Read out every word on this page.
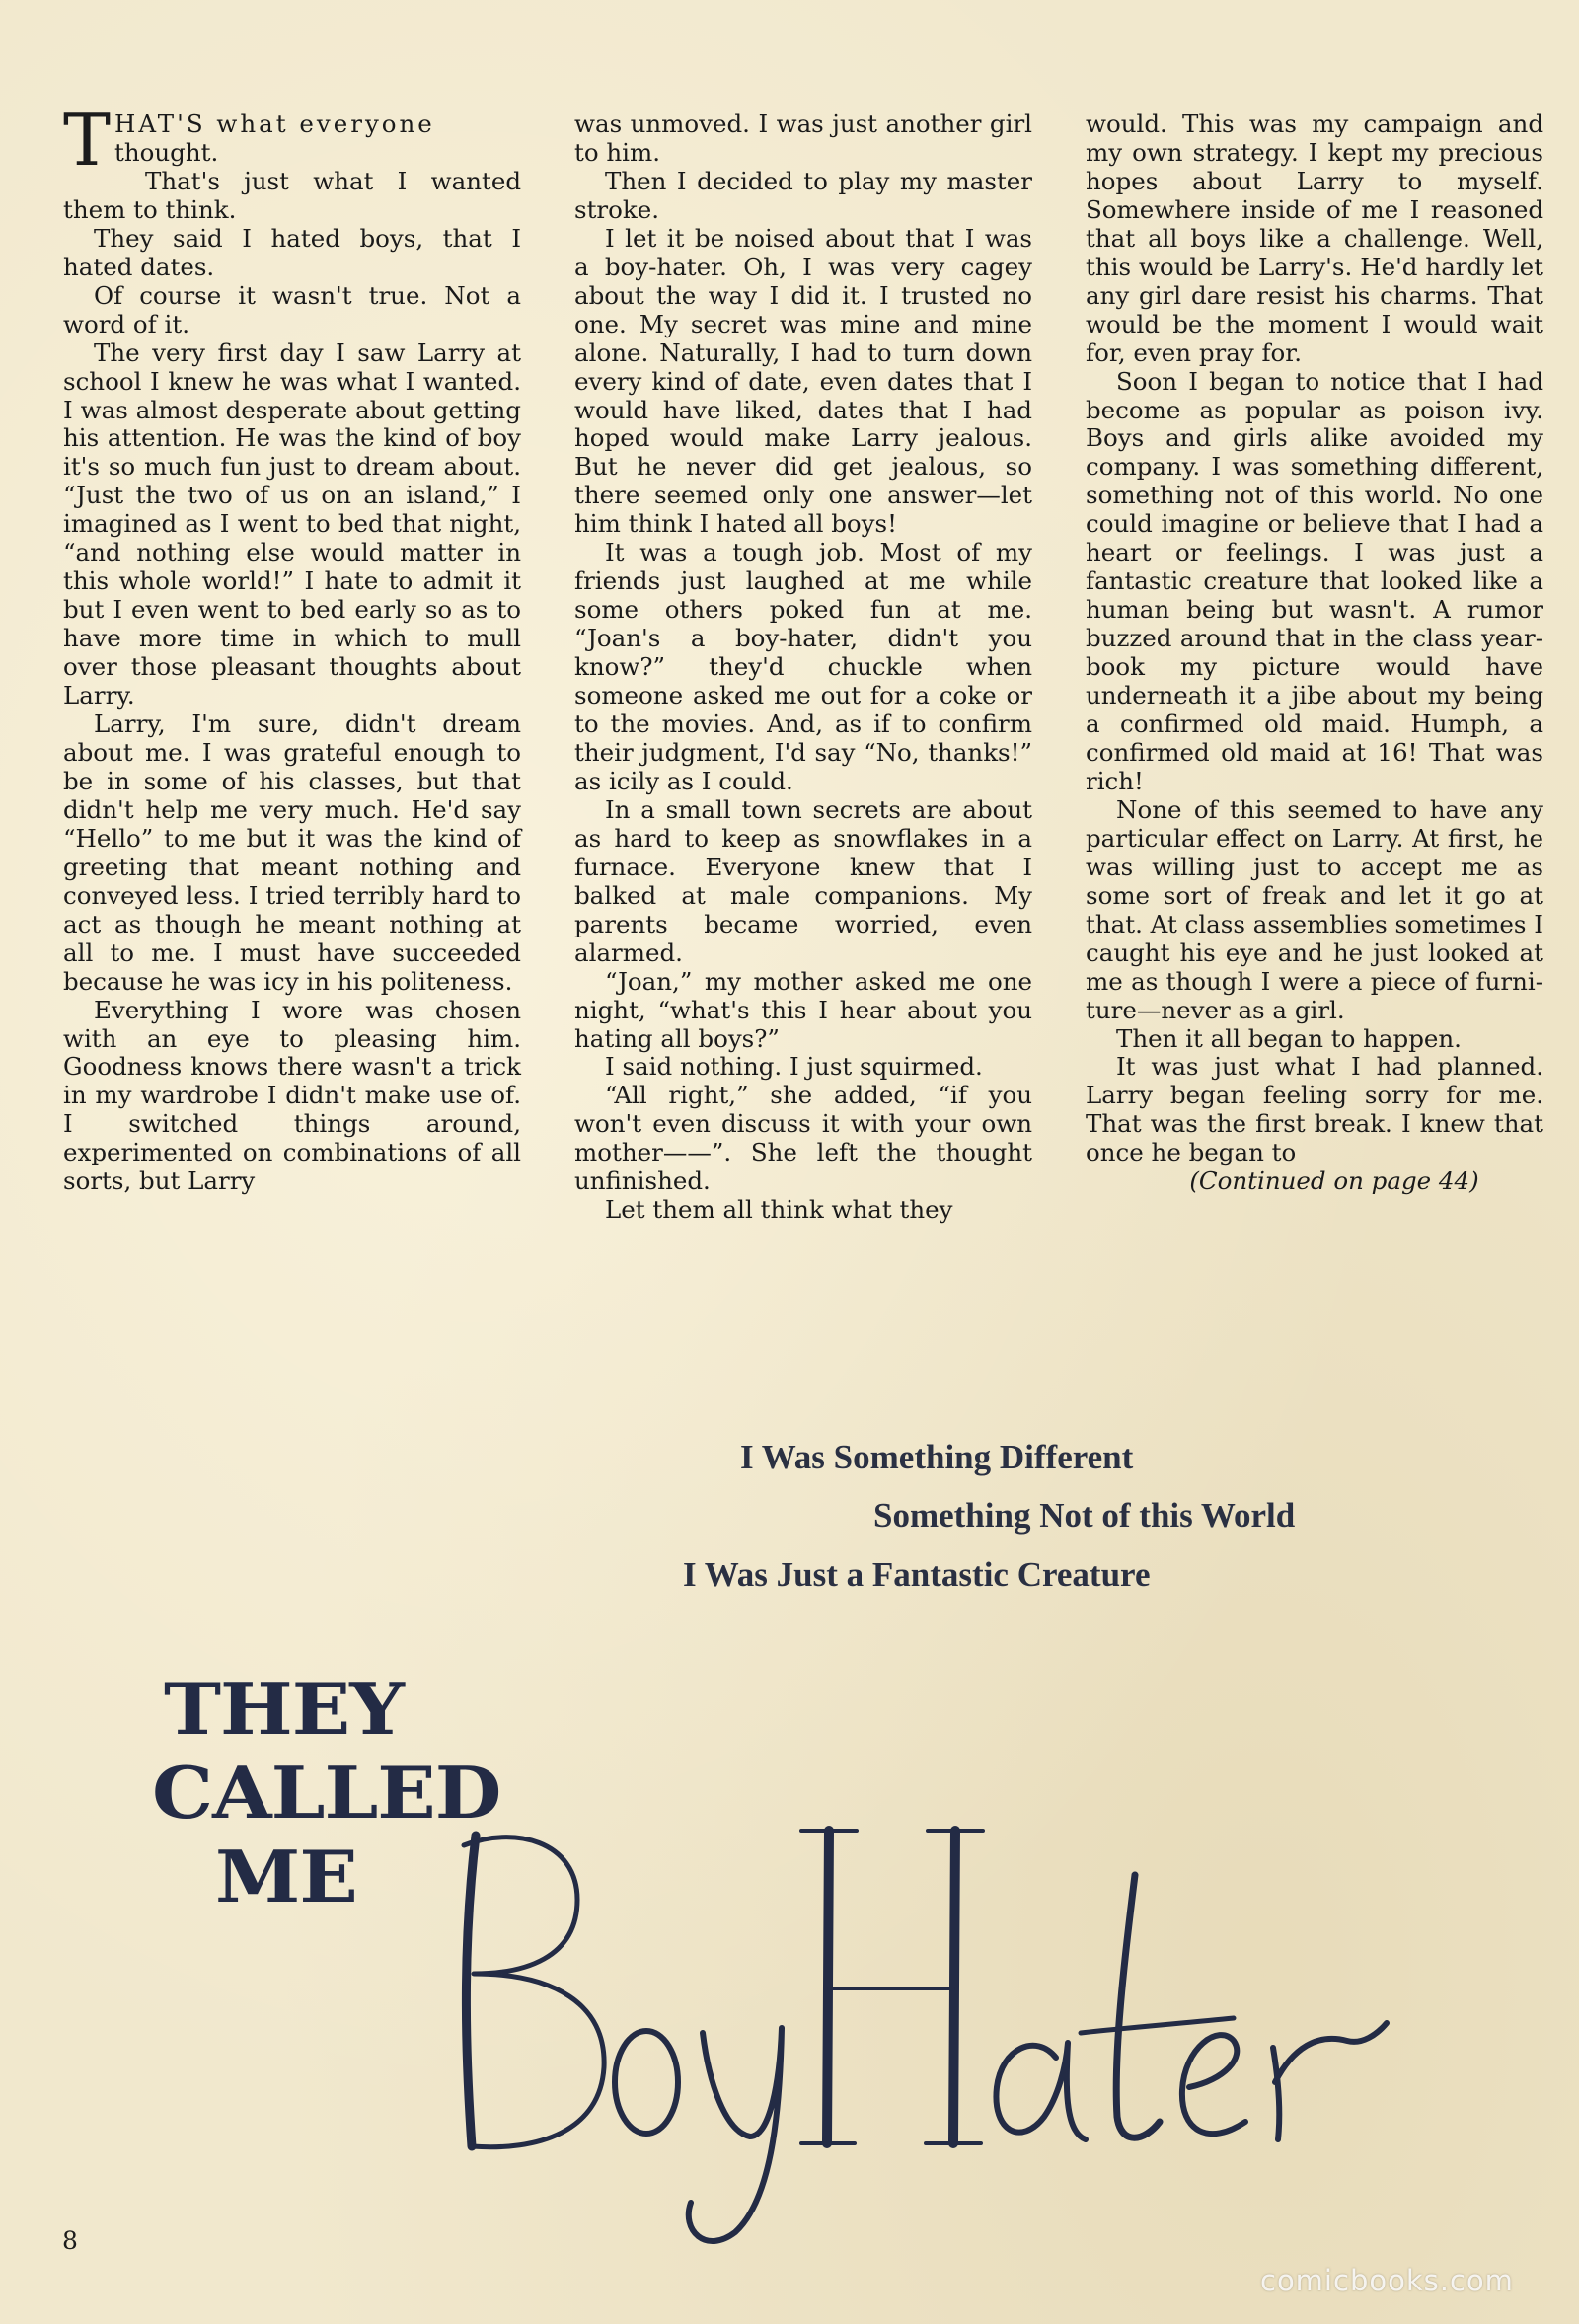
THAT'S what everyone
thought.

That's just what I wanted them to think.

They said I hated boys, that I hated dates.

Of course it wasn't true. Not a word of it.

The very first day I saw Larry at school I knew he was what I wanted. I was almost desperate about getting his attention. He was the kind of boy it's so much fun just to dream about. “Just the two of us on an island,” I imagined as I went to bed that night, “and nothing else would matter in this whole world!” I hate to admit it but I even went to bed early so as to have more time in which to mull over those pleasant thoughts about Larry.

Larry, I'm sure, didn't dream about me. I was grateful enough to be in some of his classes, but that didn't help me very much. He'd say “Hello” to me but it was the kind of greeting that meant nothing and conveyed less. I tried terribly hard to act as though he meant nothing at all to me. I must have succeeded because he was icy in his politeness.

Everything I wore was chosen with an eye to pleasing him. Goodness knows there wasn't a trick in my wardrobe I didn't make use of. I switched things around, experimented on combinations of all sorts, but Larry

was unmoved. I was just another girl to him.

Then I decided to play my master stroke.

I let it be noised about that I was a boy-hater. Oh, I was very cagey about the way I did it. I trusted no one. My secret was mine and mine alone. Naturally, I had to turn down every kind of date, even dates that I would have liked, dates that I had hoped would make Larry jealous. But he never did get jealous, so there seemed only one answer—let him think I hated all boys!

It was a tough job. Most of my friends just laughed at me while some others poked fun at me. “Joan's a boy-hater, didn't you know?” they'd chuckle when someone asked me out for a coke or to the movies. And, as if to confirm their judgment, I'd say “No, thanks!” as icily as I could.

In a small town secrets are about as hard to keep as snowflakes in a furnace. Everyone knew that I balked at male companions. My parents became worried, even alarmed.

“Joan,” my mother asked me one night, “what's this I hear about you hating all boys?”

I said nothing. I just squirmed.

“All right,” she added, “if you won't even discuss it with your own mother——”. She left the thought unfinished.

Let them all think what they

would. This was my campaign and my own strategy. I kept my precious hopes about Larry to myself. Somewhere inside of me I reasoned that all boys like a challenge. Well, this would be Larry's. He'd hardly let any girl dare resist his charms. That would be the moment I would wait for, even pray for.

Soon I began to notice that I had become as popular as poison ivy. Boys and girls alike avoided my company. I was something different, something not of this world. No one could imagine or believe that I had a heart or feelings. I was just a fantastic creature that looked like a human being but wasn't. A rumor buzzed around that in the class year-book my picture would have underneath it a jibe about my being a confirmed old maid. Humph, a confirmed old maid at 16! That was rich!

None of this seemed to have any particular effect on Larry. At first, he was willing just to accept me as some sort of freak and let it go at that. At class assemblies sometimes I caught his eye and he just looked at me as though I were a piece of furniture—never as a girl.

Then it all began to happen.

It was just what I had planned. Larry began feeling sorry for me. That was the first break. I knew that once he began to

(Continued on page 44)

I Was Something Different

Something Not of this World

I Was Just a Fantastic Creature

THEY

CALLED

ME

8

comicbooks.com
